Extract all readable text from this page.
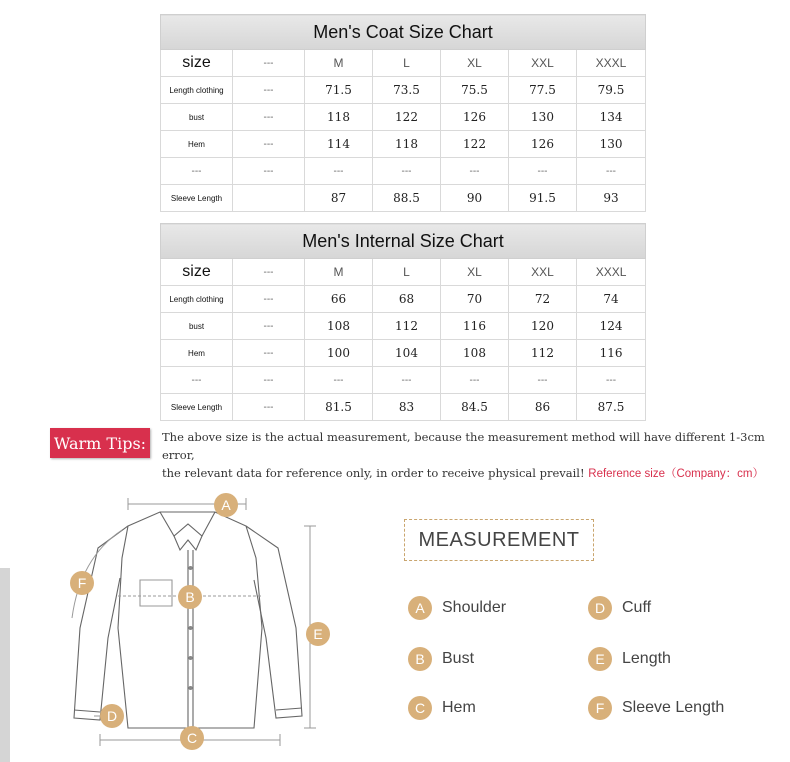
Men's Coat Size Chart						
size	---	M	L	XL	XXL	XXXL
Length clothing	---	71.5	73.5	75.5	77.5	79.5
bust	---	118	122	126	130	134
Hem	---	114	118	122	126	130
---	---	---	---	---	---	---
Sleeve Length		87	88.5	90	91.5	93
Men's Internal Size Chart						
size	---	M	L	XL	XXL	XXXL
Length clothing	---	66	68	70	72	74
bust	---	108	112	116	120	124
Hem	---	100	104	108	112	116
---	---	---	---	---	---	---
Sleeve Length	---	81.5	83	84.5	86	87.5
Warm Tips:	The above size is the actual measurement, because the measurement method will have different 1-3cm error,
the relevant data for reference only, in order to receive physical prevail! Reference size（Company：cm）
A
B
C
D
E
F
MEASUREMENT
A	Shoulder
B	Bust
C	Hem
D	Cuff
E	Length
F	Sleeve Length
